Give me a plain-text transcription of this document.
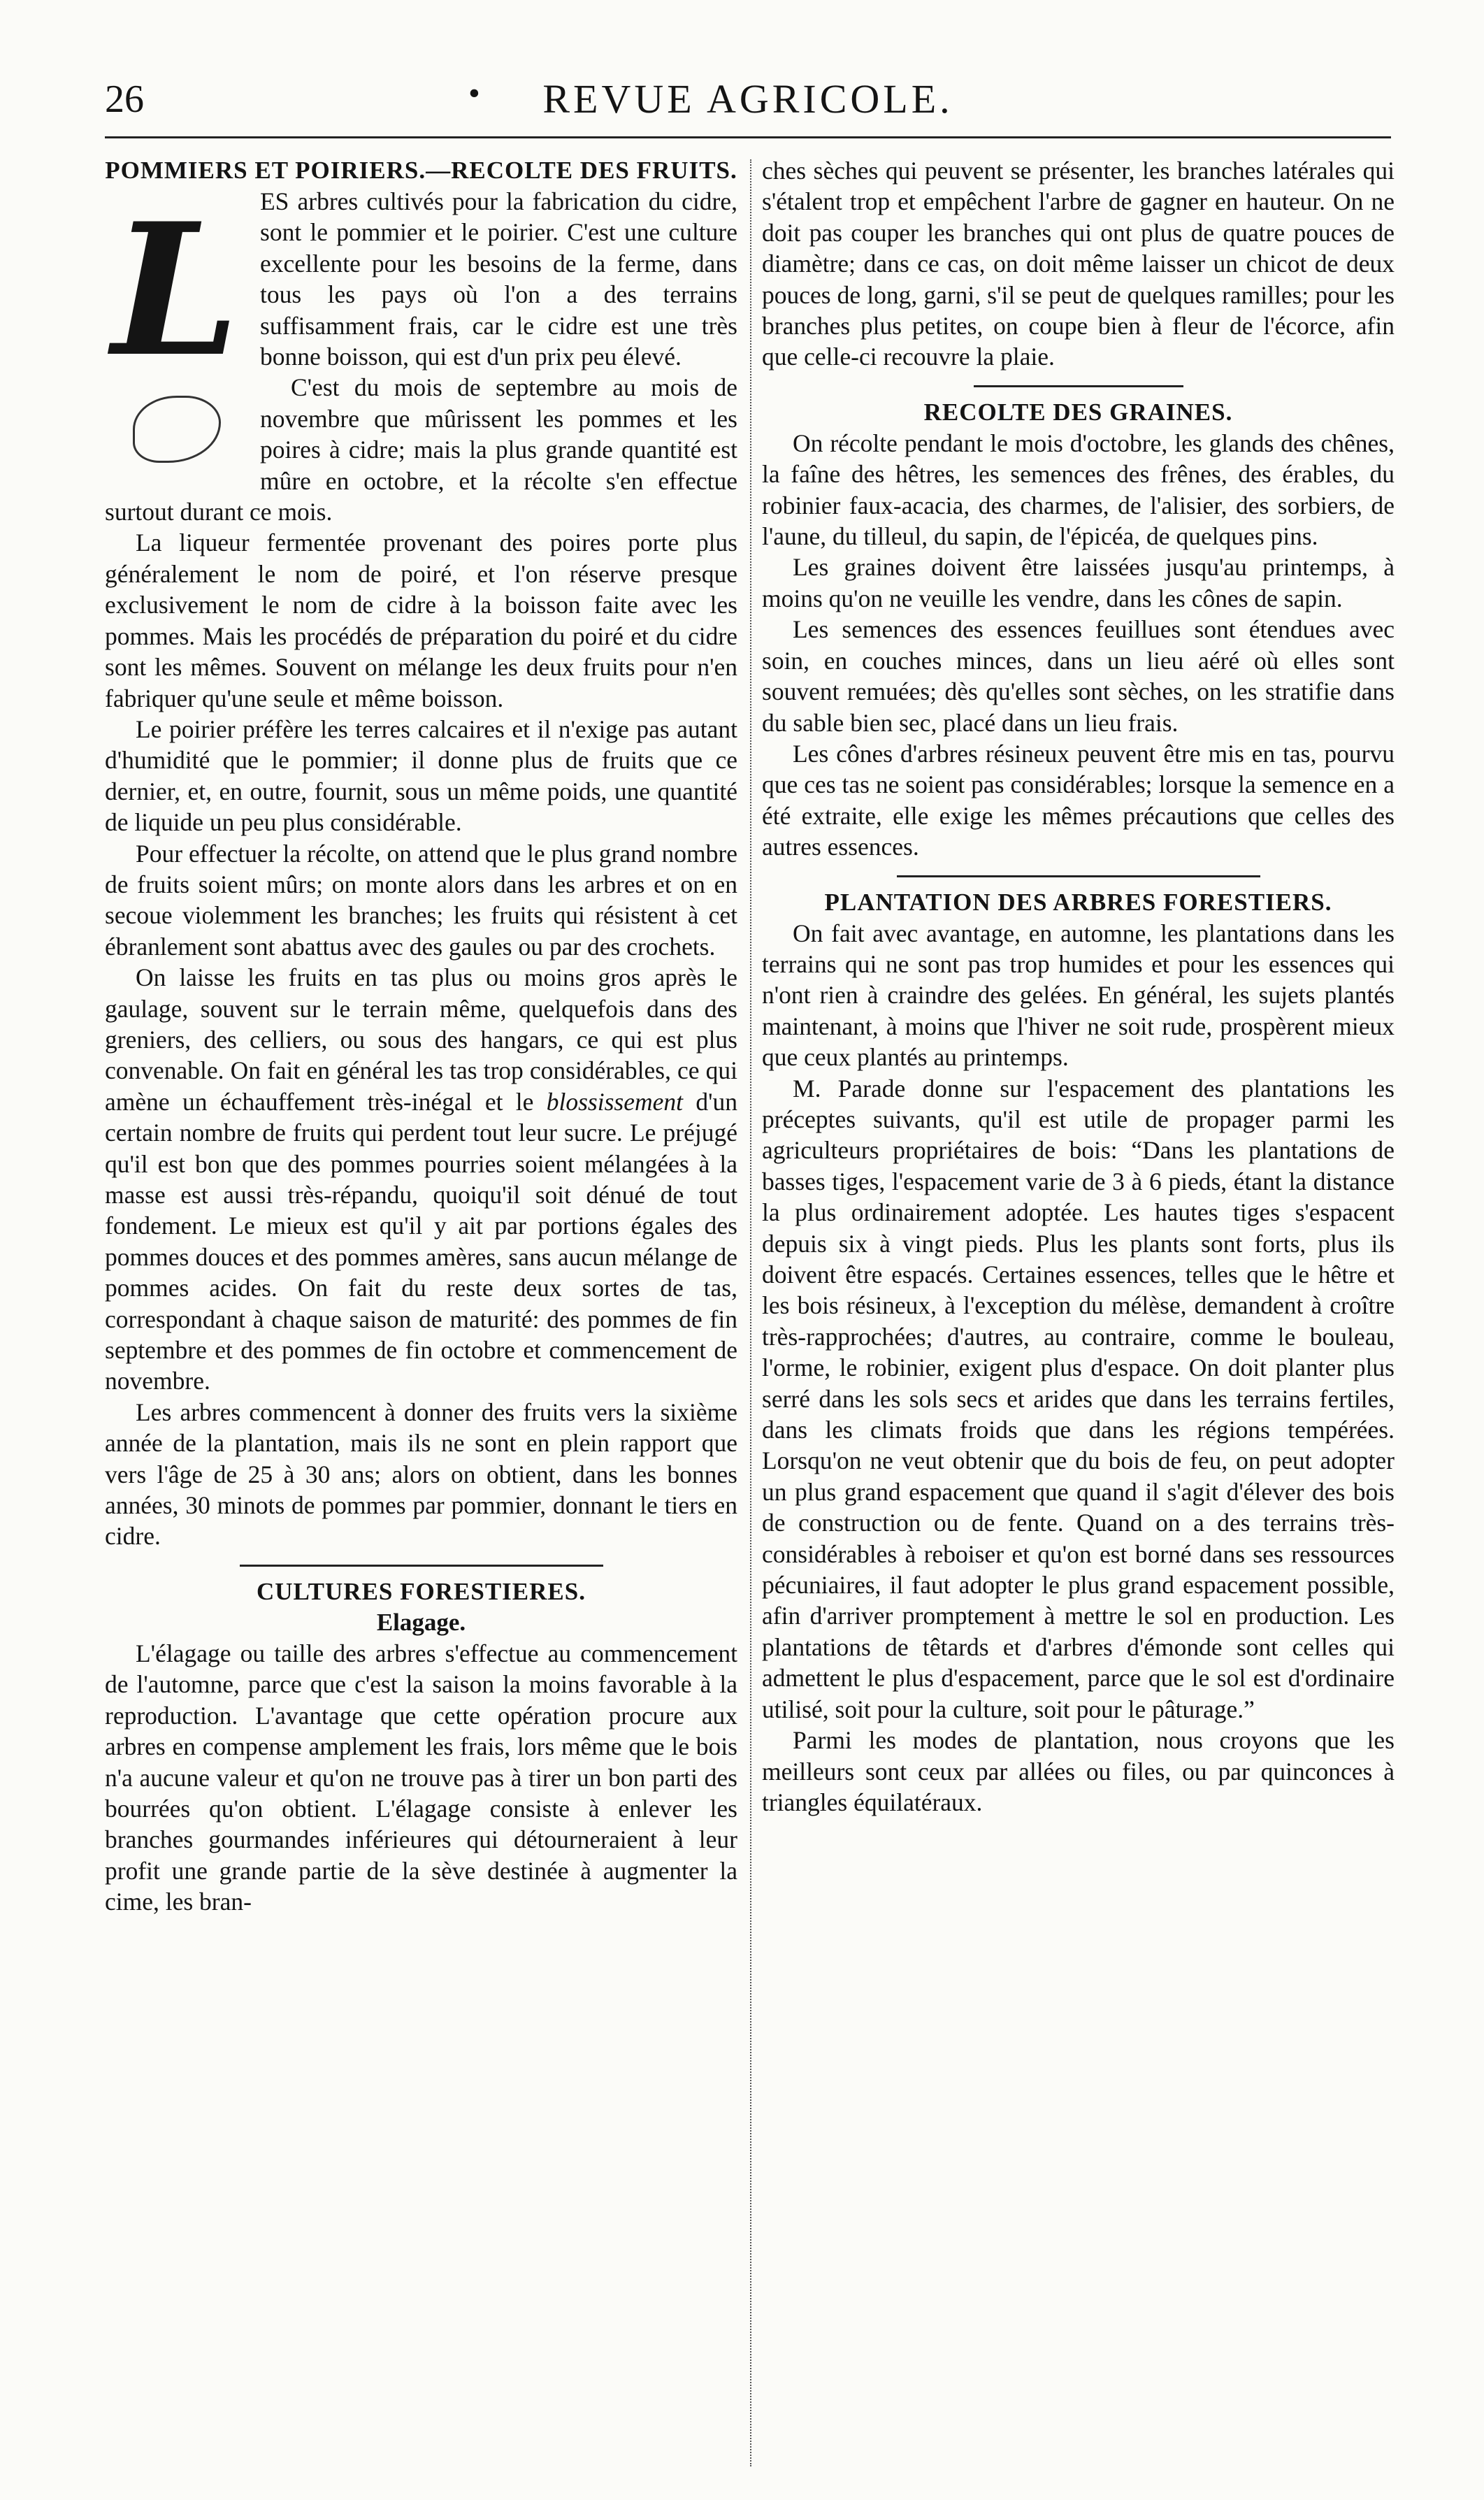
26	•	REVUE AGRICOLE.
POMMIERS ET POIRIERS.—RECOLTE DES FRUITS.
L ES arbres cultivés pour la fabrication du cidre, sont le pommier et le poirier. C'est une culture excellente pour les besoins de la ferme, dans tous les pays où l'on a des terrains suffisamment frais, car le cidre est une très bonne boisson, qui est d'un prix peu élevé.

C'est du mois de septembre au mois de novembre que mûrissent les pommes et les poires à cidre; mais la plus grande quantité est mûre en octobre, et la récolte s'en effectue surtout durant ce mois.

La liqueur fermentée provenant des poires porte plus généralement le nom de poiré, et l'on réserve presque exclusivement le nom de cidre à la boisson faite avec les pommes. Mais les procédés de préparation du poiré et du cidre sont les mêmes. Souvent on mélange les deux fruits pour n'en fabriquer qu'une seule et même boisson.

Le poirier préfère les terres calcaires et il n'exige pas autant d'humidité que le pommier; il donne plus de fruits que ce dernier, et, en outre, fournit, sous un même poids, une quantité de liquide un peu plus considérable.

Pour effectuer la récolte, on attend que le plus grand nombre de fruits soient mûrs; on monte alors dans les arbres et on en secoue violemment les branches; les fruits qui résistent à cet ébranlement sont abattus avec des gaules ou par des crochets.

On laisse les fruits en tas plus ou moins gros après le gaulage, souvent sur le terrain même, quelquefois dans des greniers, des celliers, ou sous des hangars, ce qui est plus convenable. On fait en général les tas trop considérables, ce qui amène un échauffement très-inégal et le blossissement d'un certain nombre de fruits qui perdent tout leur sucre. Le préjugé qu'il est bon que des pommes pourries soient mélangées à la masse est aussi très-répandu, quoiqu'il soit dénué de tout fondement. Le mieux est qu'il y ait par portions égales des pommes douces et des pommes amères, sans aucun mélange de pommes acides. On fait du reste deux sortes de tas, correspondant à chaque saison de maturité: des pommes de fin septembre et des pommes de fin octobre et commencement de novembre.

Les arbres commencent à donner des fruits vers la sixième année de la plantation, mais ils ne sont en plein rapport que vers l'âge de 25 à 30 ans; alors on obtient, dans les bonnes années, 30 minots de pommes par pommier, donnant le tiers en cidre.

CULTURES FORESTIERES.
Elagage.

L'élagage ou taille des arbres s'effectue au commencement de l'automne, parce que c'est la saison la moins favorable à la reproduction. L'avantage que cette opération procure aux arbres en compense amplement les frais, lors même que le bois n'a aucune valeur et qu'on ne trouve pas à tirer un bon parti des bourrées qu'on obtient. L'élagage consiste à enlever les branches gourmandes inférieures qui détourneraient à leur profit une grande partie de la sève destinée à augmenter la cime, les bran-

ches sèches qui peuvent se présenter, les branches latérales qui s'étalent trop et empêchent l'arbre de gagner en hauteur. On ne doit pas couper les branches qui ont plus de quatre pouces de diamètre; dans ce cas, on doit même laisser un chicot de deux pouces de long, garni, s'il se peut de quelques ramilles; pour les branches plus petites, on coupe bien à fleur de l'écorce, afin que celle-ci recouvre la plaie.

RECOLTE DES GRAINES.

On récolte pendant le mois d'octobre, les glands des chênes, la faîne des hêtres, les semences des frênes, des érables, du robinier faux-acacia, des charmes, de l'alisier, des sorbiers, de l'aune, du tilleul, du sapin, de l'épicéa, de quelques pins.

Les graines doivent être laissées jusqu'au printemps, à moins qu'on ne veuille les vendre, dans les cônes de sapin.

Les semences des essences feuillues sont étendues avec soin, en couches minces, dans un lieu aéré où elles sont souvent remuées; dès qu'elles sont sèches, on les stratifie dans du sable bien sec, placé dans un lieu frais.

Les cônes d'arbres résineux peuvent être mis en tas, pourvu que ces tas ne soient pas considérables; lorsque la semence en a été extraite, elle exige les mêmes précautions que celles des autres essences.

PLANTATION DES ARBRES FORESTIERS.

On fait avec avantage, en automne, les plantations dans les terrains qui ne sont pas trop humides et pour les essences qui n'ont rien à craindre des gelées. En général, les sujets plantés maintenant, à moins que l'hiver ne soit rude, prospèrent mieux que ceux plantés au printemps.

M. Parade donne sur l'espacement des plantations les préceptes suivants, qu'il est utile de propager parmi les agriculteurs propriétaires de bois: “Dans les plantations de basses tiges, l'espacement varie de 3 à 6 pieds, étant la distance la plus ordinairement adoptée. Les hautes tiges s'espacent depuis six à vingt pieds. Plus les plants sont forts, plus ils doivent être espacés. Certaines essences, telles que le hêtre et les bois résineux, à l'exception du mélèse, demandent à croître très-rapprochées; d'autres, au contraire, comme le bouleau, l'orme, le robinier, exigent plus d'espace. On doit planter plus serré dans les sols secs et arides que dans les terrains fertiles, dans les climats froids que dans les régions tempérées. Lorsqu'on ne veut obtenir que du bois de feu, on peut adopter un plus grand espacement que quand il s'agit d'élever des bois de construction ou de fente. Quand on a des terrains très-considérables à reboiser et qu'on est borné dans ses ressources pécuniaires, il faut adopter le plus grand espacement possible, afin d'arriver promptement à mettre le sol en production. Les plantations de têtards et d'arbres d'émonde sont celles qui admettent le plus d'espacement, parce que le sol est d'ordinaire utilisé, soit pour la culture, soit pour le pâturage.”

Parmi les modes de plantation, nous croyons que les meilleurs sont ceux par allées ou files, ou par quinconces à triangles équilatéraux.
